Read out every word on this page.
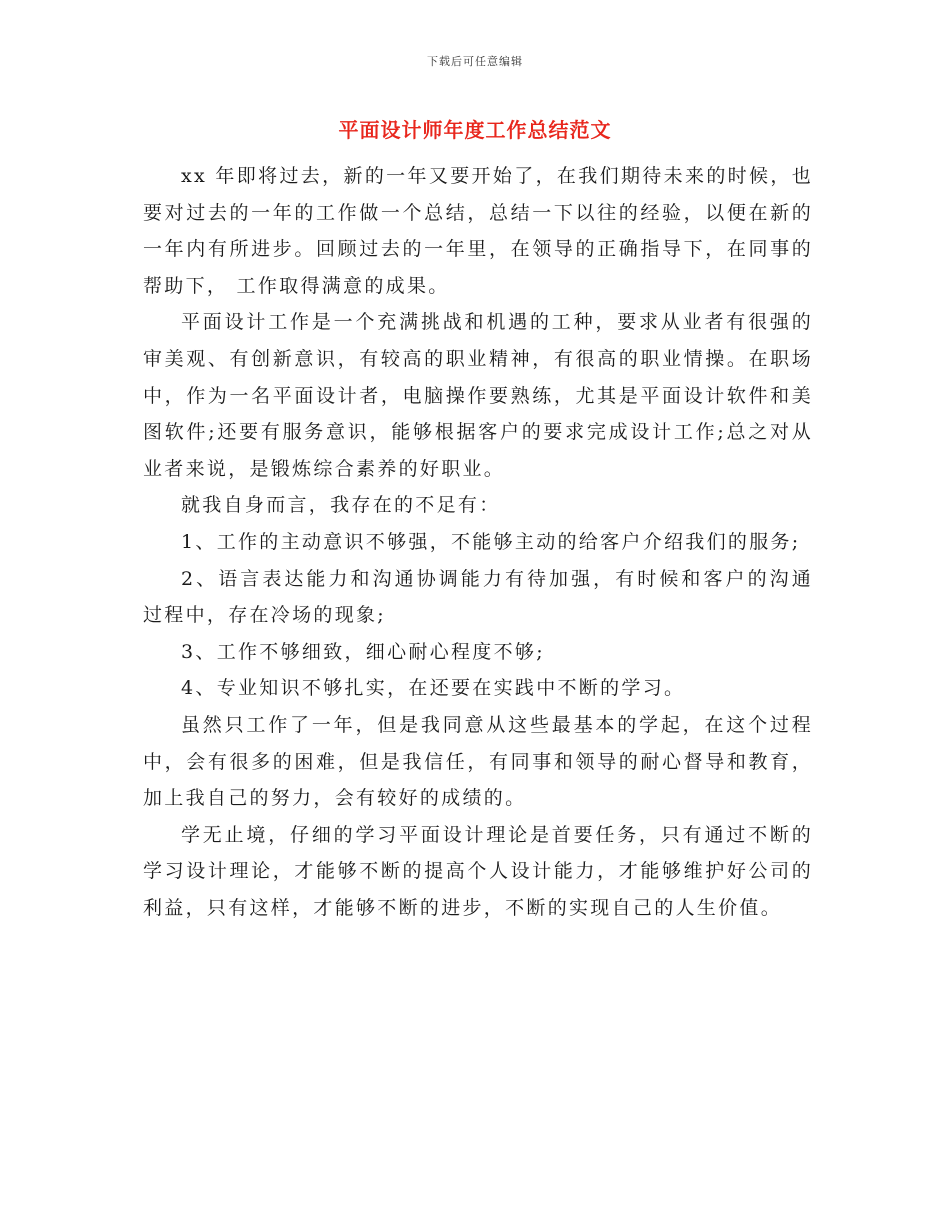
下载后可任意编辑
平面设计师年度工作总结范文

xx 年即将过去，新的一年又要开始了，在我们期待未来的时候，也要对过去的一年的工作做一个总结，总结一下以往的经验，以便在新的一年内有所进步。回顾过去的一年里，在领导的正确指导下，在同事的帮助下， 工作取得满意的成果。

平面设计工作是一个充满挑战和机遇的工种，要求从业者有很强的审美观、有创新意识，有较高的职业精神，有很高的职业情操。在职场中，作为一名平面设计者，电脑操作要熟练，尤其是平面设计软件和美图软件;还要有服务意识，能够根据客户的要求完成设计工作;总之对从业者来说，是锻炼综合素养的好职业。

就我自身而言，我存在的不足有：

1、工作的主动意识不够强，不能够主动的给客户介绍我们的服务;

2、语言表达能力和沟通协调能力有待加强，有时候和客户的沟通过程中，存在冷场的现象;

3、工作不够细致，细心耐心程度不够;

4、专业知识不够扎实，在还要在实践中不断的学习。

虽然只工作了一年，但是我同意从这些最基本的学起，在这个过程中，会有很多的困难，但是我信任，有同事和领导的耐心督导和教育，加上我自己的努力，会有较好的成绩的。

学无止境，仔细的学习平面设计理论是首要任务，只有通过不断的学习设计理论，才能够不断的提高个人设计能力，才能够维护好公司的利益，只有这样，才能够不断的进步，不断的实现自己的人生价值。
